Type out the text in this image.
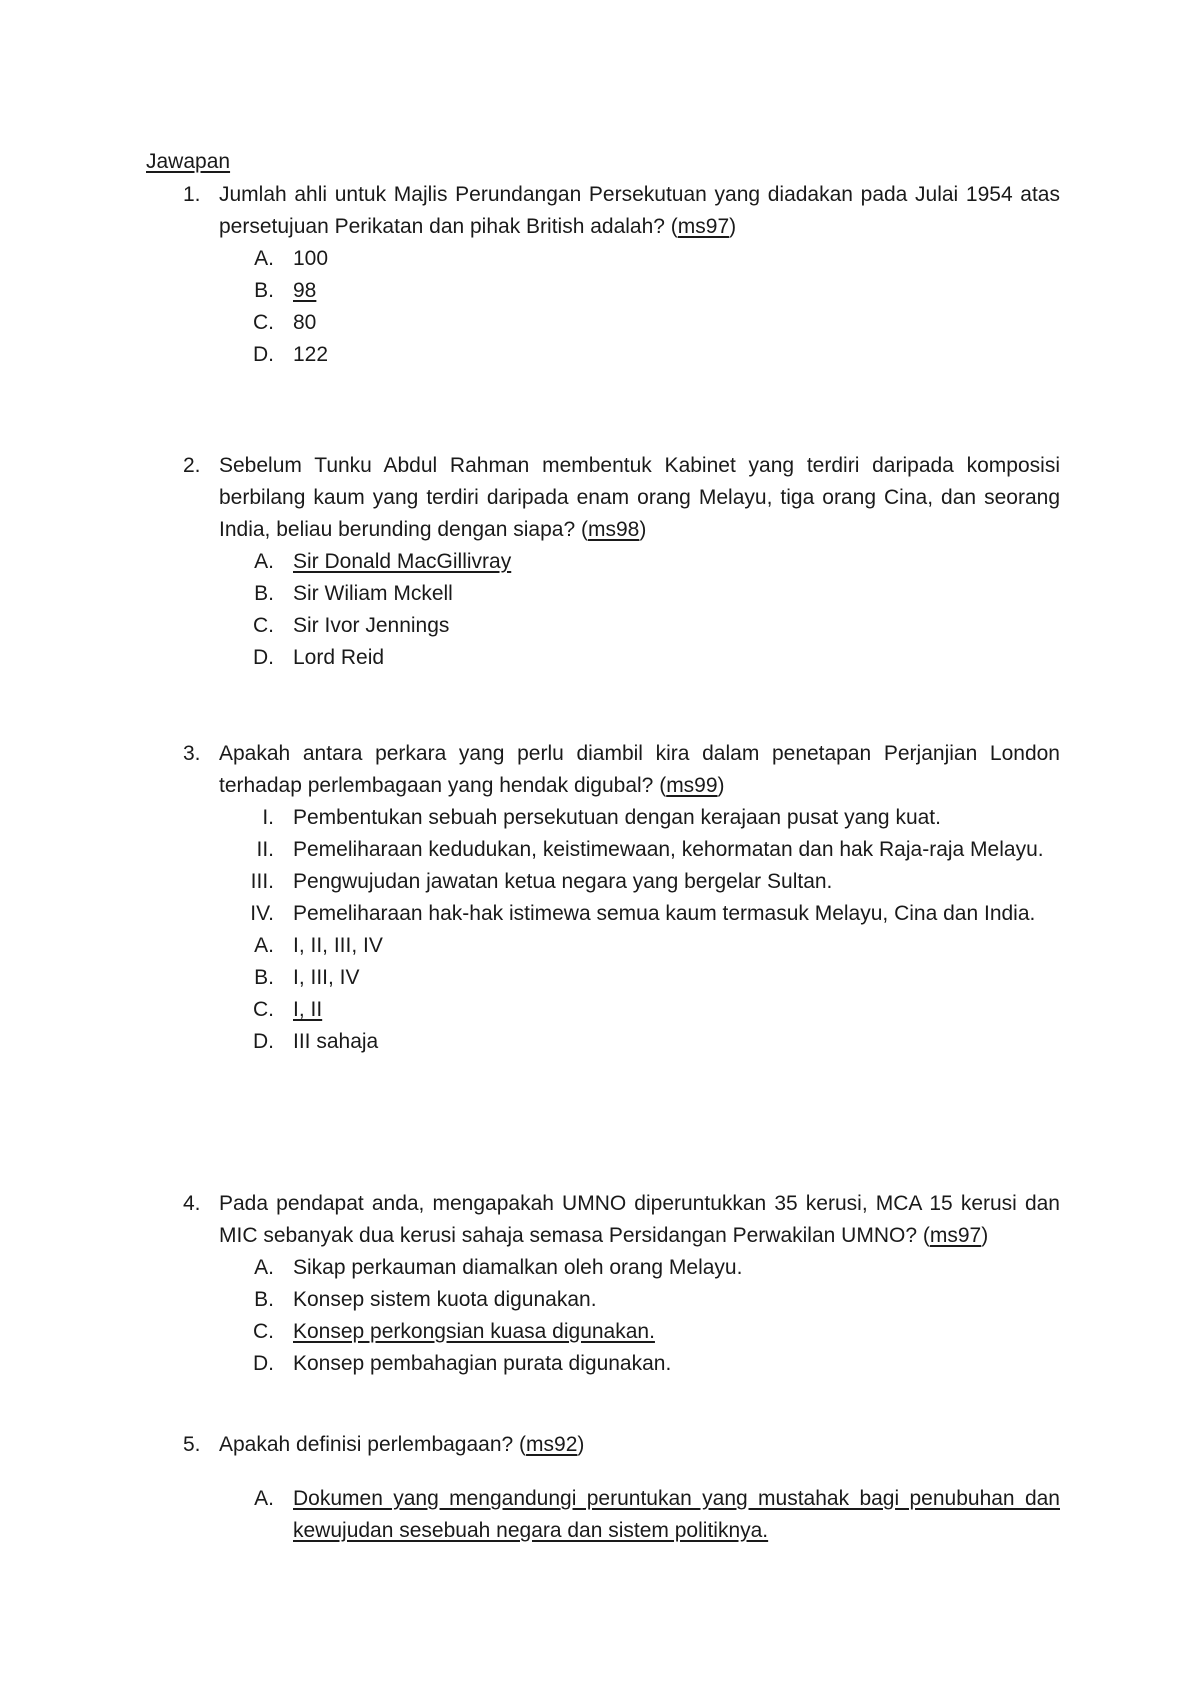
Jawapan
1. Jumlah ahli untuk Majlis Perundangan Persekutuan yang diadakan pada Julai 1954 atas persetujuan Perikatan dan pihak British adalah? (ms97)
A. 100
B. 98
C. 80
D. 122
2. Sebelum Tunku Abdul Rahman membentuk Kabinet yang terdiri daripada komposisi berbilang kaum yang terdiri daripada enam orang Melayu, tiga orang Cina, dan seorang India, beliau berunding dengan siapa? (ms98)
A. Sir Donald MacGillivray
B. Sir Wiliam Mckell
C. Sir Ivor Jennings
D. Lord Reid
3. Apakah antara perkara yang perlu diambil kira dalam penetapan Perjanjian London terhadap perlembagaan yang hendak digubal? (ms99)
I. Pembentukan sebuah persekutuan dengan kerajaan pusat yang kuat.
II. Pemeliharaan kedudukan, keistimewaan, kehormatan dan hak Raja-raja Melayu.
III. Pengwujudan jawatan ketua negara yang bergelar Sultan.
IV. Pemeliharaan hak-hak istimewa semua kaum termasuk Melayu, Cina dan India.
A. I, II, III, IV
B. I, III, IV
C. I, II
D. III sahaja
4. Pada pendapat anda, mengapakah UMNO diperuntukkan 35 kerusi, MCA 15 kerusi dan MIC sebanyak dua kerusi sahaja semasa Persidangan Perwakilan UMNO? (ms97)
A. Sikap perkauman diamalkan oleh orang Melayu.
B. Konsep sistem kuota digunakan.
C. Konsep perkongsian kuasa digunakan.
D. Konsep pembahagian purata digunakan.
5. Apakah definisi perlembagaan? (ms92)
A. Dokumen yang mengandungi peruntukan yang mustahak bagi penubuhan dan kewujudan sesebuah negara dan sistem politiknya.
